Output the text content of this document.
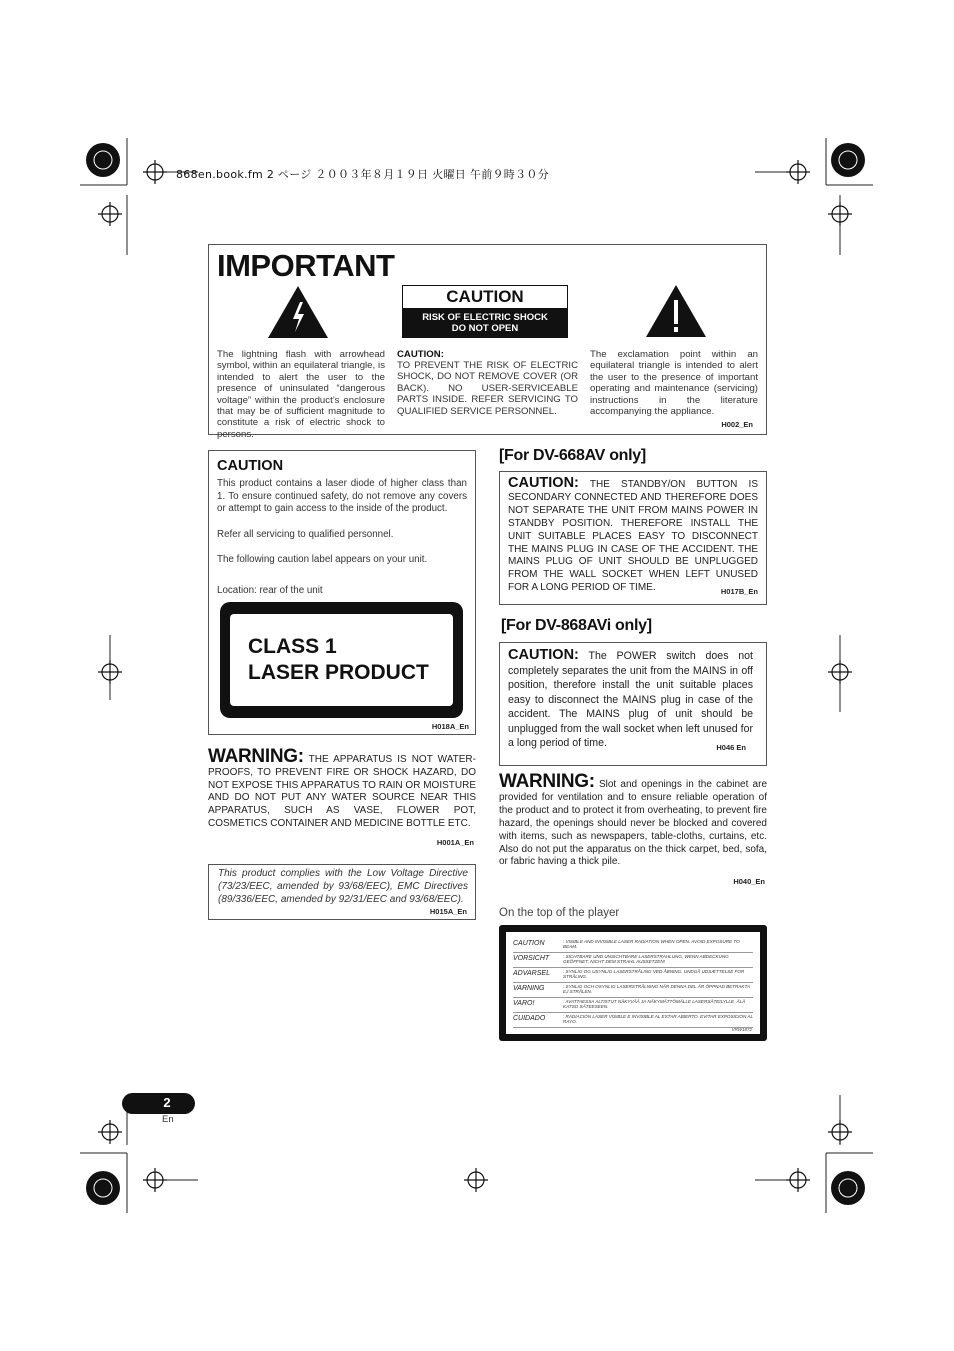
868en.book.fm 2 ページ ２００３年８月１９日 火曜日 午前９時３０分
IMPORTANT
CAUTION
RISK OF ELECTRIC SHOCK
DO NOT OPEN
The lightning flash with arrowhead symbol, within an equilateral triangle, is intended to alert the user to the presence of uninsulated “dangerous voltage” within the product’s enclosure that may be of sufficient magnitude to constitute a risk of electric shock to persons.
CAUTION:
TO PREVENT THE RISK OF ELECTRIC SHOCK, DO NOT REMOVE COVER (OR BACK). NO USER-SERVICEABLE PARTS INSIDE. REFER SERVICING TO QUALIFIED SERVICE PERSONNEL.
The exclamation point within an equilateral triangle is intended to alert the user to the presence of important operating and maintenance (servicing) instructions in the literature accompanying the appliance.
H002_En
CAUTION
This product contains a laser diode of higher class than 1. To ensure continued safety, do not remove any covers or attempt to gain access to the inside of the product.
Refer all servicing to qualified personnel.
The following caution label appears on your unit.
Location: rear of the unit
CLASS 1
LASER PRODUCT
H018A_En
WARNING: THE APPARATUS IS NOT WATER-PROOFS, TO PREVENT FIRE OR SHOCK HAZARD, DO NOT EXPOSE THIS APPARATUS TO RAIN OR MOISTURE AND DO NOT PUT ANY WATER SOURCE NEAR THIS APPARATUS, SUCH AS VASE, FLOWER POT, COSMETICS CONTAINER AND MEDICINE BOTTLE ETC.
H001A_En
This product complies with the Low Voltage Directive (73/23/EEC, amended by 93/68/EEC), EMC Directives (89/336/EEC, amended by 92/31/EEC and 93/68/EEC).
H015A_En
[For DV-668AV only]
CAUTION: THE STANDBY/ON BUTTON IS SECONDARY CONNECTED AND THEREFORE DOES NOT SEPARATE THE UNIT FROM MAINS POWER IN STANDBY POSITION. THEREFORE INSTALL THE UNIT SUITABLE PLACES EASY TO DISCONNECT THE MAINS PLUG IN CASE OF THE ACCIDENT. THE MAINS PLUG OF UNIT SHOULD BE UNPLUGGED FROM THE WALL SOCKET WHEN LEFT UNUSED FOR A LONG PERIOD OF TIME.	H017B_En
[For DV-868AVi only]
CAUTION: The POWER switch does not completely separates the unit from the MAINS in off position, therefore install the unit suitable places easy to disconnect the MAINS plug in case of the accident. The MAINS plug of unit should be unplugged from the wall socket when left unused for a long period of time.	H046 En
WARNING: Slot and openings in the cabinet are provided for ventilation and to ensure reliable operation of the product and to protect it from overheating, to prevent fire hazard, the openings should never be blocked and covered with items, such as newspapers, table-cloths, curtains, etc. Also do not put the apparatus on the thick carpet, bed, sofa, or fabric having a thick pile.
H040_En
On the top of the player
CAUTION	: VISIBLE AND INVISIBLE LASER RADIATION WHEN OPEN. AVOID EXPOSURE TO BEAM.
VORSICHT	: SICHTBARE UND UNSICHTBARE LASERSTRAHLUNG, WENN ABDECKUNG GEÖFFNET. NICHT DEM STRAHL AUSSETZEN!
ADVARSEL	: SYNLIG OG USYNLIG LASERSTRÅLING VED ÅBNING. UNDGÅ UDSÆTTELSE FOR STRÅLING.
VARNING	: SYNLIG OCH OSYNLIG LASERSTRÅLNING NÄR DENNA DEL ÄR ÖPPNAD BETRAKTA EJ STRÅLEN.
VARO!	: AVATTAESSA ALTISTUT NÄKYVÄÄ JA NÄKYMÄTTÖMÄLLE LASERSÄTEILYLLE. ÄLÄ KATSO SÄTEESEEN.
CUIDADO	: RADIACIÓN LÁSER VISIBLE E INVISIBLE AL ESTAR ABIERTO. EVITAR EXPOSICIÓN AL RAYO.
VRW1872
2
En
